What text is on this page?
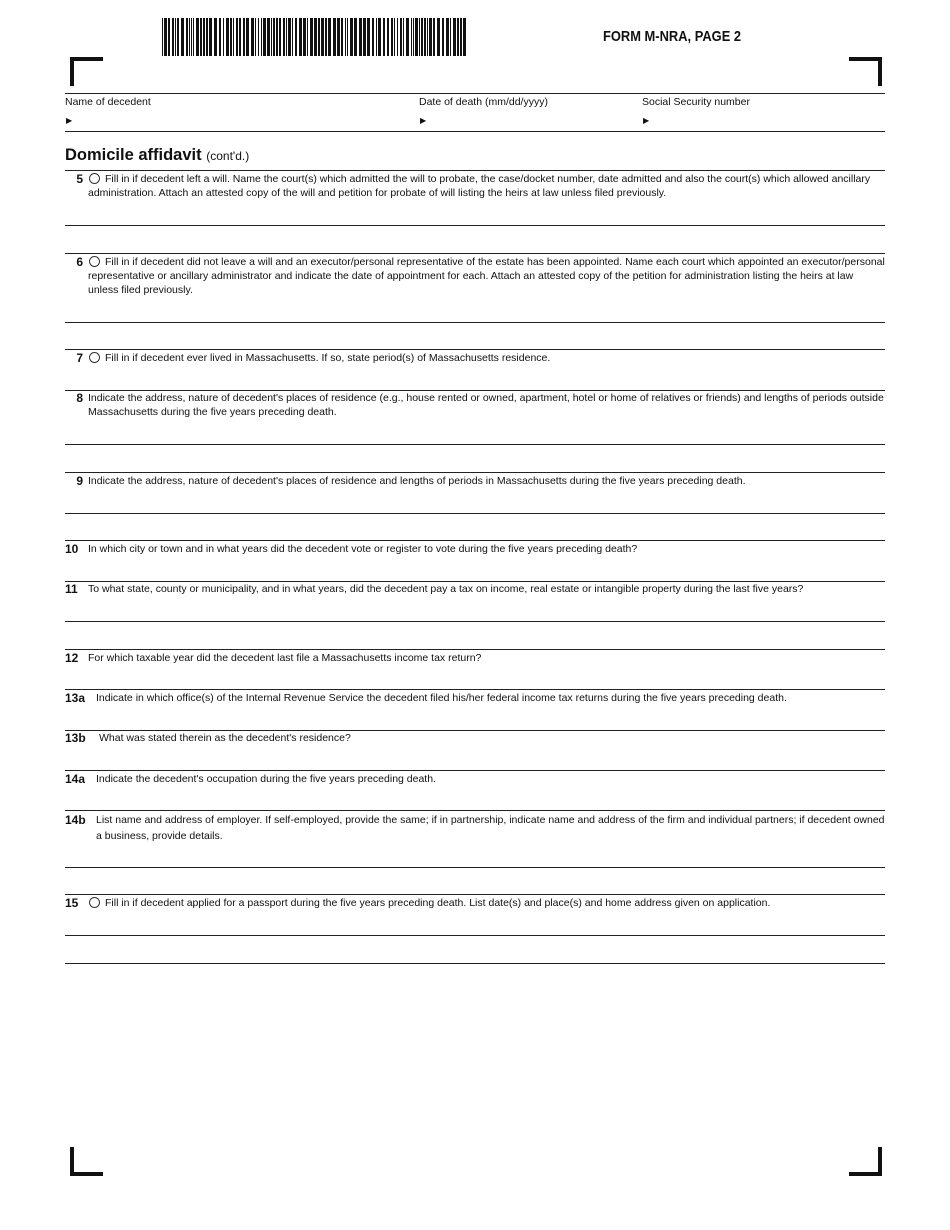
FORM M-NRA, PAGE 2
Name of decedent
▶
Date of death (mm/dd/yyyy)
▶
Social Security number
▶
Domicile affidavit (cont'd.)
5	Fill in if decedent left a will. Name the court(s) which admitted the will to probate, the case/docket number, date admitted and also the court(s) which allowed ancillary administration. Attach an attested copy of the will and petition for probate of will listing the heirs at law unless filed previously.
6	Fill in if decedent did not leave a will and an executor/personal representative of the estate has been appointed. Name each court which appointed an executor/personal representative or ancillary administrator and indicate the date of appointment for each. Attach an attested copy of the petition for administration listing the heirs at law unless filed previously.
7	Fill in if decedent ever lived in Massachusetts. If so, state period(s) of Massachusetts residence.
8 Indicate the address, nature of decedent's places of residence (e.g., house rented or owned, apartment, hotel or home of relatives or friends) and lengths of periods outside Massachusetts during the five years preceding death.
9 Indicate the address, nature of decedent's places of residence and lengths of periods in Massachusetts during the five years preceding death.
10 In which city or town and in what years did the decedent vote or register to vote during the five years preceding death?
11 To what state, county or municipality, and in what years, did the decedent pay a tax on income, real estate or intangible property during the last five years?
12 For which taxable year did the decedent last file a Massachusetts income tax return?
13a Indicate in which office(s) of the Internal Revenue Service the decedent filed his/her federal income tax returns during the five years preceding death.
13b What was stated therein as the decedent's residence?
14a Indicate the decedent's occupation during the five years preceding death.
14b List name and address of employer. If self-employed, provide the same; if in partnership, indicate name and address of the firm and individual partners; if decedent owned a business, provide details.
15	Fill in if decedent applied for a passport during the five years preceding death. List date(s) and place(s) and home address given on application.
